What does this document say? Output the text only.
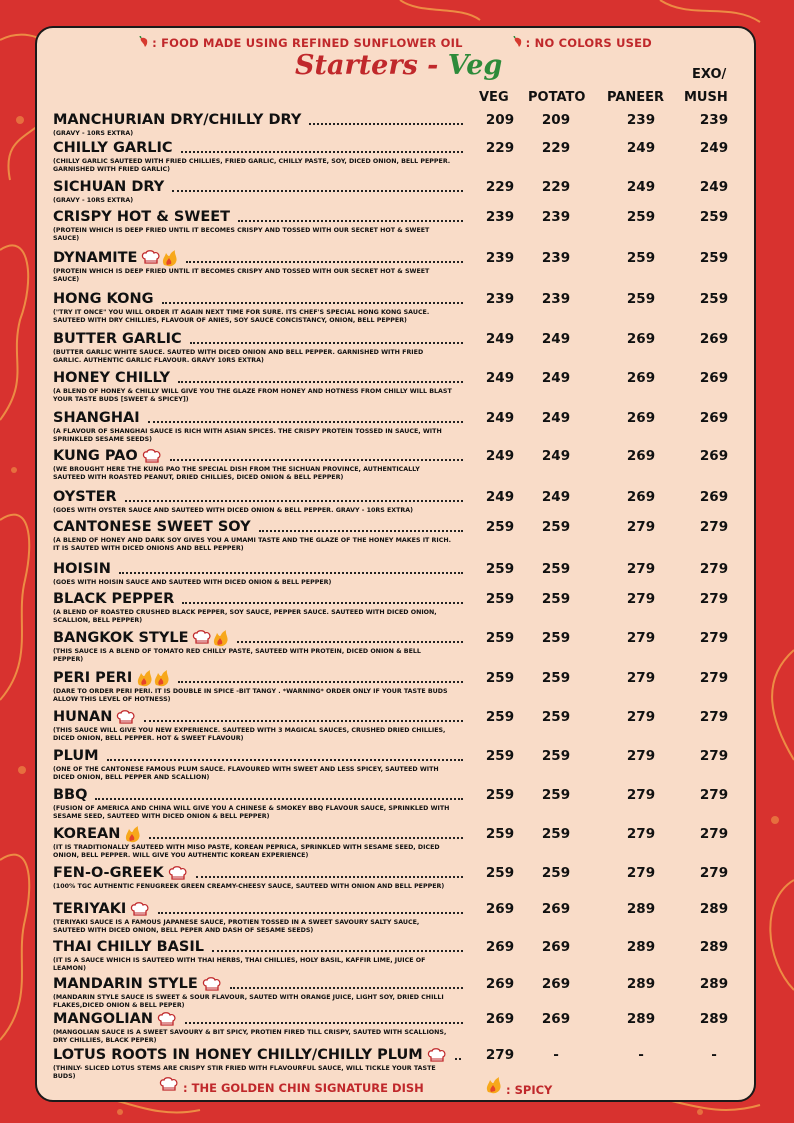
: FOOD MADE USING REFINED SUNFLOWER OIL	: NO COLORS USED
Starters - Veg	EXO/
VEG POTATO PANEER MUSH
MANCHURIAN DRY/CHILLY DRY
(GRAVY - 10RS EXTRA)
209	209	239	239
CHILLY GARLIC
(CHILLY GARLIC SAUTEED WITH FRIED CHILLIES, FRIED GARLIC, CHILLY PASTE, SOY, DICED ONION, BELL PEPPER. GARNISHED WITH FRIED GARLIC)
229	229	249	249
SICHUAN DRY
(GRAVY - 10RS EXTRA)
229	229	249	249
CRISPY HOT & SWEET
(PROTEIN WHICH IS DEEP FRIED UNTIL IT BECOMES CRISPY AND TOSSED WITH OUR SECRET HOT & SWEET SAUCE)
239	239	259	259
DYNAMITE
(PROTEIN WHICH IS DEEP FRIED UNTIL IT BECOMES CRISPY AND TOSSED WITH OUR SECRET HOT & SWEET SAUCE)
239	239	259	259
HONG KONG
("TRY IT ONCE" YOU WILL ORDER IT AGAIN NEXT TIME FOR SURE. ITS CHEF'S SPECIAL HONG KONG SAUCE. SAUTEED WITH DRY CHILLIES, FLAVOUR OF ANIES, SOY SAUCE CONCISTANCY, ONION, BELL PEPPER)
239	239	259	259
BUTTER GARLIC
(BUTTER GARLIC WHITE SAUCE. SAUTED WITH DICED ONION AND BELL PEPPER. GARNISHED WITH FRIED GARLIC. AUTHENTIC GARLIC FLAVOUR. GRAVY 10RS EXTRA)
249	249	269	269
HONEY CHILLY
(A BLEND OF HONEY & CHILLY WILL GIVE YOU THE GLAZE FROM HONEY AND HOTNESS FROM CHILLY WILL BLAST YOUR TASTE BUDS [SWEET & SPICEY])
249	249	269	269
SHANGHAI
(A FLAVOUR OF SHANGHAI SAUCE IS RICH WITH ASIAN SPICES. THE CRISPY PROTEIN TOSSED IN SAUCE, WITH SPRINKLED SESAME SEEDS)
249	249	269	269
KUNG PAO
(WE BROUGHT HERE THE KUNG PAO THE SPECIAL DISH FROM THE SICHUAN PROVINCE, AUTHENTICALLY SAUTEED WITH ROASTED PEANUT, DRIED CHILLIES, DICED ONION & BELL PEPPER)
249	249	269	269
OYSTER
(GOES WITH OYSTER SAUCE AND SAUTEED WITH DICED ONION & BELL PEPPER. GRAVY - 10RS EXTRA)
249	249	269	269
CANTONESE SWEET SOY
(A BLEND OF HONEY AND DARK SOY GIVES YOU A UMAMI TASTE AND THE GLAZE OF THE HONEY MAKES IT RICH. IT IS SAUTED WITH DICED ONIONS AND BELL PEPPER)
259	259	279	279
HOISIN
(GOES WITH HOISIN SAUCE AND SAUTEED WITH DICED ONION & BELL PEPPER)
259	259	279	279
BLACK PEPPER
(A BLEND OF ROASTED CRUSHED BLACK PEPPER, SOY SAUCE, PEPPER SAUCE. SAUTEED WITH DICED ONION, SCALLION, BELL PEPPER)
259	259	279	279
BANGKOK STYLE
(THIS SAUCE IS A BLEND OF TOMATO RED CHILLY PASTE, SAUTEED WITH PROTEIN, DICED ONION & BELL PEPPER)
259	259	279	279
PERI PERI
(DARE TO ORDER PERI PERI. IT IS DOUBLE IN SPICE -BIT TANGY . *WARNING* ORDER ONLY IF YOUR TASTE BUDS ALLOW THIS LEVEL OF HOTNESS)
259	259	279	279
HUNAN
(THIS SAUCE WILL GIVE YOU NEW EXPERIENCE. SAUTEED WITH 3 MAGICAL SAUCES, CRUSHED DRIED CHILLIES, DICED ONION, BELL PEPPER. HOT & SWEET FLAVOUR)
259	259	279	279
PLUM
(ONE OF THE CANTONESE FAMOUS PLUM SAUCE. FLAVOURED WITH SWEET AND LESS SPICEY, SAUTEED WITH DICED ONION, BELL PEPPER AND SCALLION)
259	259	279	279
BBQ
(FUSION OF AMERICA AND CHINA WILL GIVE YOU A CHINESE & SMOKEY BBQ FLAVOUR SAUCE, SPRINKLED WITH SESAME SEED, SAUTEED WITH DICED ONION & BELL PEPPER)
259	259	279	279
KOREAN
(IT IS TRADITIONALLY SAUTEED WITH MISO PASTE, KOREAN PEPRICA, SPRINKLED WITH SESAME SEED, DICED ONION, BELL PEPPER. WILL GIVE YOU AUTHENTIC KOREAN EXPERIENCE)
259	259	279	279
FEN-O-GREEK
(100% TGC AUTHENTIC FENUGREEK GREEN CREAMY-CHEESY SAUCE, SAUTEED WITH ONION AND BELL PEPPER)
259	259	279	279
TERIYAKI
(TERIYAKI SAUCE IS A FAMOUS JAPANESE SAUCE, PROTIEN TOSSED IN A SWEET SAVOURY SALTY SAUCE, SAUTEED WITH DICED ONION, BELL PEPER AND DASH OF SESAME SEEDS)
269	269	289	289
THAI CHILLY BASIL
(IT IS A SAUCE WHICH IS SAUTEED WITH THAI HERBS, THAI CHILLIES, HOLY BASIL, KAFFIR LIME, JUICE OF LEAMON)
269	269	289	289
MANDARIN STYLE
(MANDARIN STYLE SAUCE IS SWEET & SOUR FLAVOUR, SAUTED WITH ORANGE JUICE, LIGHT SOY, DRIED CHILLI FLAKES,DICED ONION & BELL PEPER)
269	269	289	289
MANGOLIAN
(MANGOLIAN SAUCE IS A SWEET SAVOURY & BIT SPICY, PROTIEN FIRED TILL CRISPY, SAUTED WITH SCALLIONS, DRY CHILLIES, BLACK PEPER)
269	269	289	289
LOTUS ROOTS IN HONEY CHILLY/CHILLY PLUM
(THINLY- SLICED LOTUS STEMS ARE CRISPY STIR FRIED WITH FLAVOURFUL SAUCE, WILL TICKLE YOUR TASTE BUDS)
279	-	-	-
: THE GOLDEN CHIN SIGNATURE DISH	: SPICY
